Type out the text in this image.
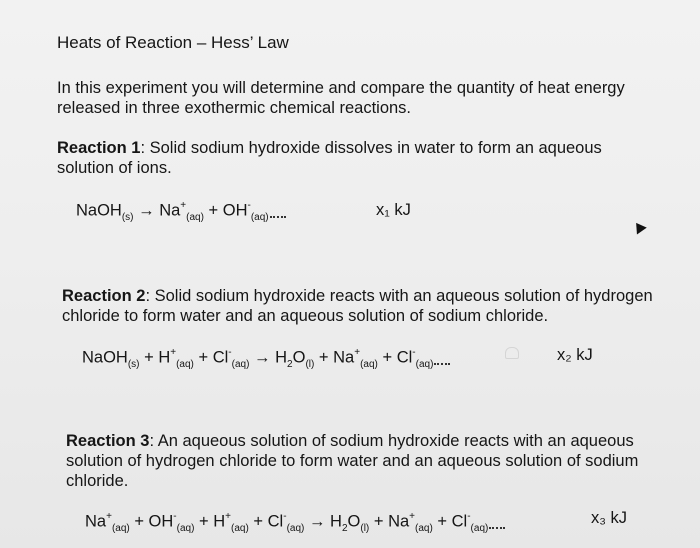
Heats of Reaction – Hess’ Law
In this experiment you will determine and compare the quantity of heat energy
released in three exothermic chemical reactions.
Reaction 1: Solid sodium hydroxide dissolves in water to form an aqueous
solution of ions.
NaOH$_{(s)}$ → $Na^+_{(aq)} + OH^-_{(aq)}$	x₁ kJ
Reaction 2: Solid sodium hydroxide reacts with an aqueous solution of hydrogen
chloride to form water and an aqueous solution of sodium chloride.
NaOH$_{(s)}$ + $H^+_{(aq)} + Cl^-_{(aq)} \to H_2O_{(l)} + Na^+_{(aq)} + Cl^-_{(aq)}$
x₂ kJ
Reaction 3: An aqueous solution of sodium hydroxide reacts with an aqueous
solution of hydrogen chloride to form water and an aqueous solution of sodium
chloride.
$Na^+_{(aq)} + OH^-_{(aq)} + H^+_{(aq)} + Cl^-_{(aq)} \to H_2O_{(l)} + Na^+_{(aq)} + Cl^-_{(aq)}$
x₃ kJ
